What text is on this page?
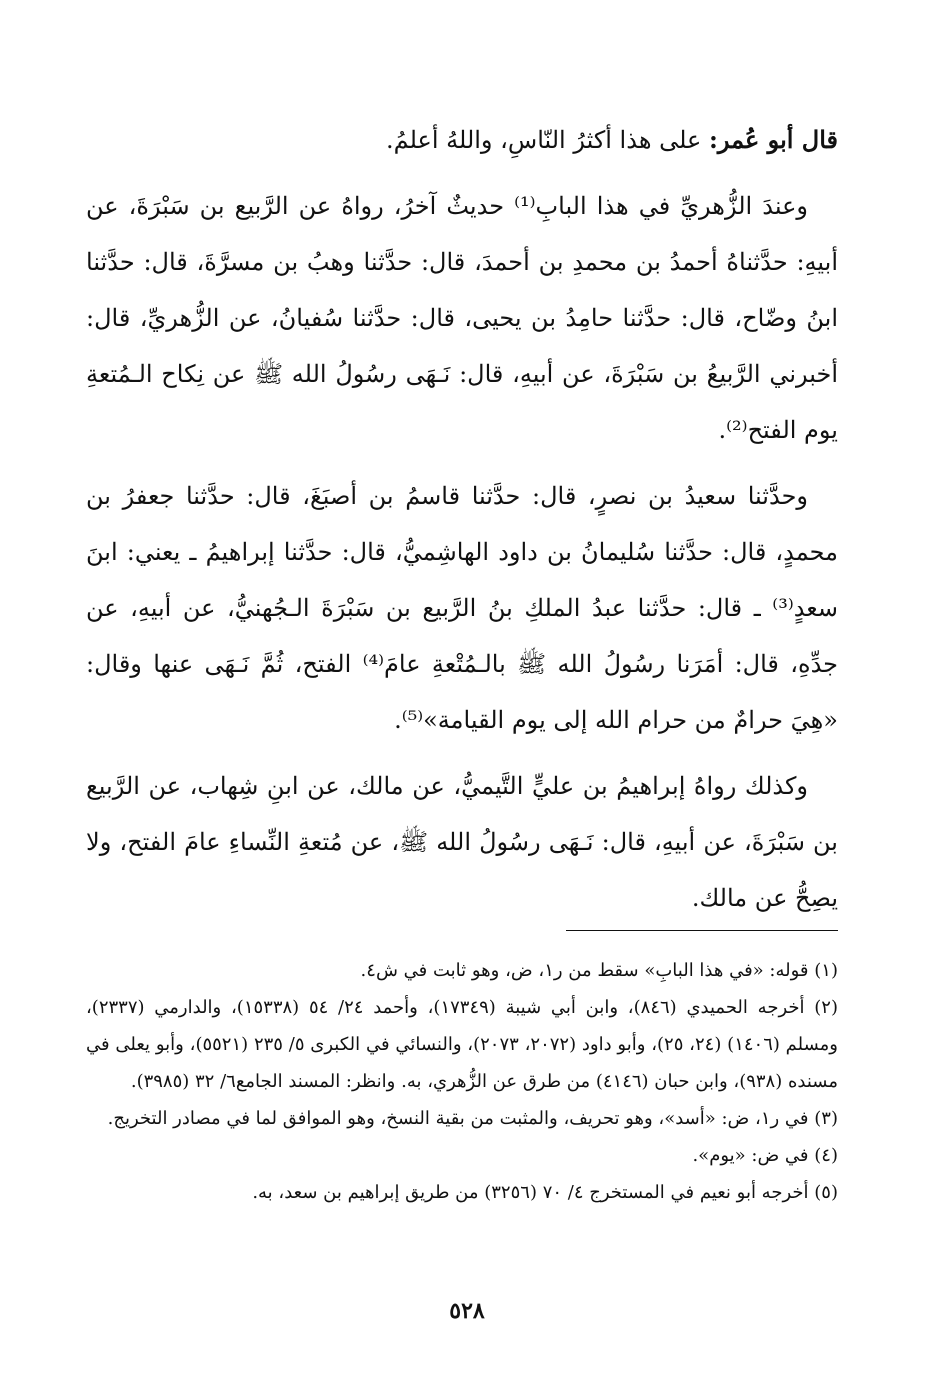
قال أبو عُمر: على هذا أكثرُ النّاسِ، واللهُ أعلمُ.

وعندَ الزُّهريِّ في هذا البابِ⁽¹⁾ حديثٌ آخرُ، رواهُ عن الرَّبيع بن سَبْرَةَ، عن أبيهِ: حدَّثناهُ أحمدُ بن محمدِ بن أحمدَ، قال: حدَّثنا وهبُ بن مسرَّةَ، قال: حدَّثنا ابنُ وضّاح، قال: حدَّثنا حامِدُ بن يحيى، قال: حدَّثنا سُفيانُ، عن الزُّهريِّ، قال: أخبرني الرَّبيعُ بن سَبْرَةَ، عن أبيهِ، قال: نَـهَى رسُولُ الله ﷺ عن نِكاح الـمُتعةِ يوم الفتح⁽²⁾.

وحدَّثنا سعيدُ بن نصرٍ، قال: حدَّثنا قاسمُ بن أصبَغَ، قال: حدَّثنا جعفرُ بن محمدٍ، قال: حدَّثنا سُليمانُ بن داود الهاشِميُّ، قال: حدَّثنا إبراهيمُ ـ يعني: ابنَ سعدٍ⁽³⁾ ـ قال: حدَّثنا عبدُ الملكِ بنُ الرَّبيع بن سَبْرَةَ الـجُهنيُّ، عن أبيهِ، عن جدِّهِ، قال: أمَرَنا رسُولُ الله ﷺ بالـمُتْعةِ عامَ⁽⁴⁾ الفتح، ثُمَّ نَـهَى عنها وقال: «هِيَ حرامٌ من حرام الله إلى يوم القيامة»⁽⁵⁾.

وكذلك رواهُ إبراهيمُ بن عليٍّ التَّيميُّ، عن مالك، عن ابنِ شِهاب، عن الرَّبيع بن سَبْرَةَ، عن أبيهِ، قال: نَـهَى رسُولُ الله ﷺ، عن مُتعةِ النِّساءِ عامَ الفتح، ولا يصِحُّ عن مالك.

(١) قوله: «في هذا البابِ» سقط من ر١، ض، وهو ثابت في ش٤.

(٢) أخرجه الحميدي (٨٤٦)، وابن أبي شيبة (١٧٣٤٩)، وأحمد ٢٤/ ٥٤ (١٥٣٣٨)، والدارمي (٢٣٣٧)، ومسلم (١٤٠٦) (٢٤، ٢٥)، وأبو داود (٢٠٧٢، ٢٠٧٣)، والنسائي في الكبرى ٥/ ٢٣٥ (٥٥٢١)، وأبو يعلى في مسنده (٩٣٨)، وابن حبان (٤١٤٦) من طرق عن الزُّهري، به. وانظر: المسند الجامع٦/ ٣٢ (٣٩٨٥).

(٣) في ر١، ض: «أسد»، وهو تحريف، والمثبت من بقية النسخ، وهو الموافق لما في مصادر التخريج.

(٤) في ض: «يوم».

(٥) أخرجه أبو نعيم في المستخرج ٤/ ٧٠ (٣٢٥٦) من طريق إبراهيم بن سعد، به.

٥٢٨
